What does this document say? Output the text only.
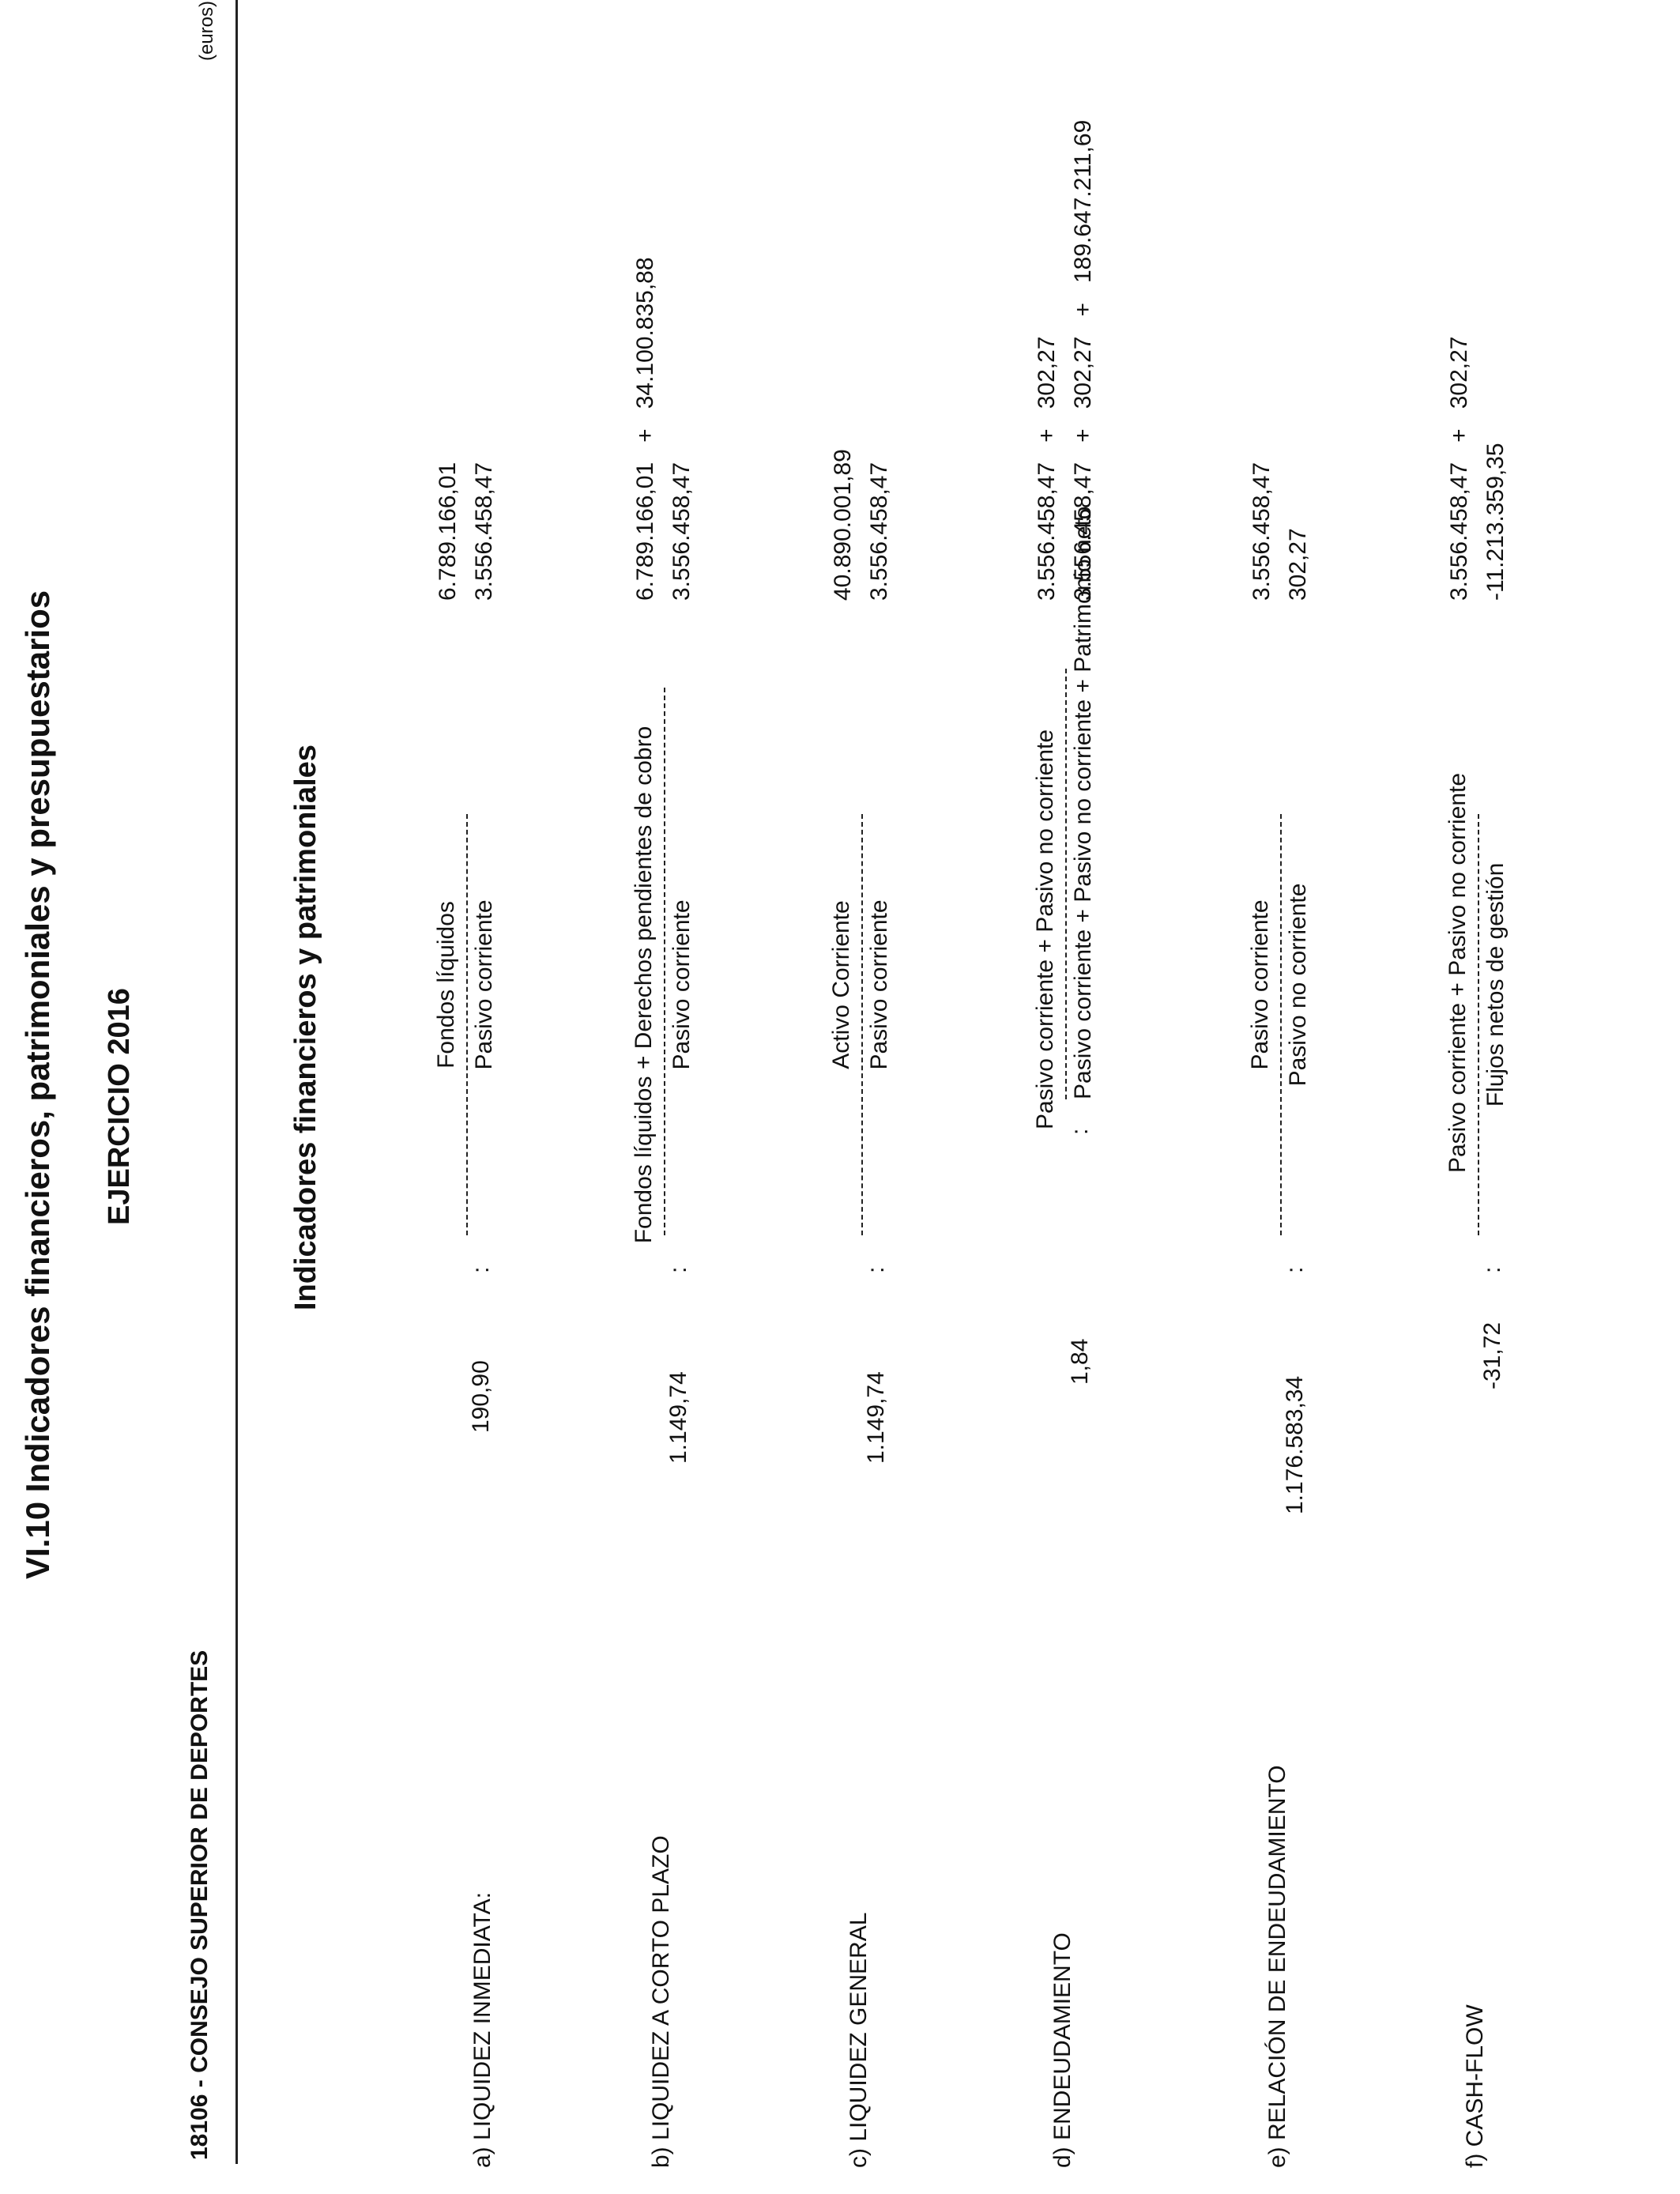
VI.10 Indicadores financieros, patrimoniales y presupuestarios EJERCICIO 2016
18106 - CONSEJO SUPERIOR DE DEPORTES
(euros)
Indicadores financieros y patrimoniales
a) LIQUIDEZ INMEDIATA:
190,90
:
Fondos líquidos Pasivo corriente
6.789.166,01 3.556.458,47
b) LIQUIDEZ A CORTO PLAZO
1.149,74
:
Fondos líquidos + Derechos pendientes de cobro Pasivo corriente
6.789.166,01   +   34.100.835,88 3.556.458,47
c) LIQUIDEZ GENERAL
1.149,74
:
Activo Corriente Pasivo corriente
40.890.001,89 3.556.458,47
d) ENDEUDAMIENTO
1,84
:
Pasivo corriente + Pasivo no corriente Pasivo corriente + Pasivo no corriente + Patrimonio neto
3.556.458,47   +   302,27 3.556.458,47   +   302,27   +   189.647.211,69
e) RELACIÓN DE ENDEUDAMIENTO
1.176.583,34
:
Pasivo corriente Pasivo no corriente
3.556.458,47 302,27
f) CASH-FLOW
-31,72
:
Pasivo corriente + Pasivo no corriente Flujos netos de gestión
3.556.458,47   +   302,27 -11.213.359,35
